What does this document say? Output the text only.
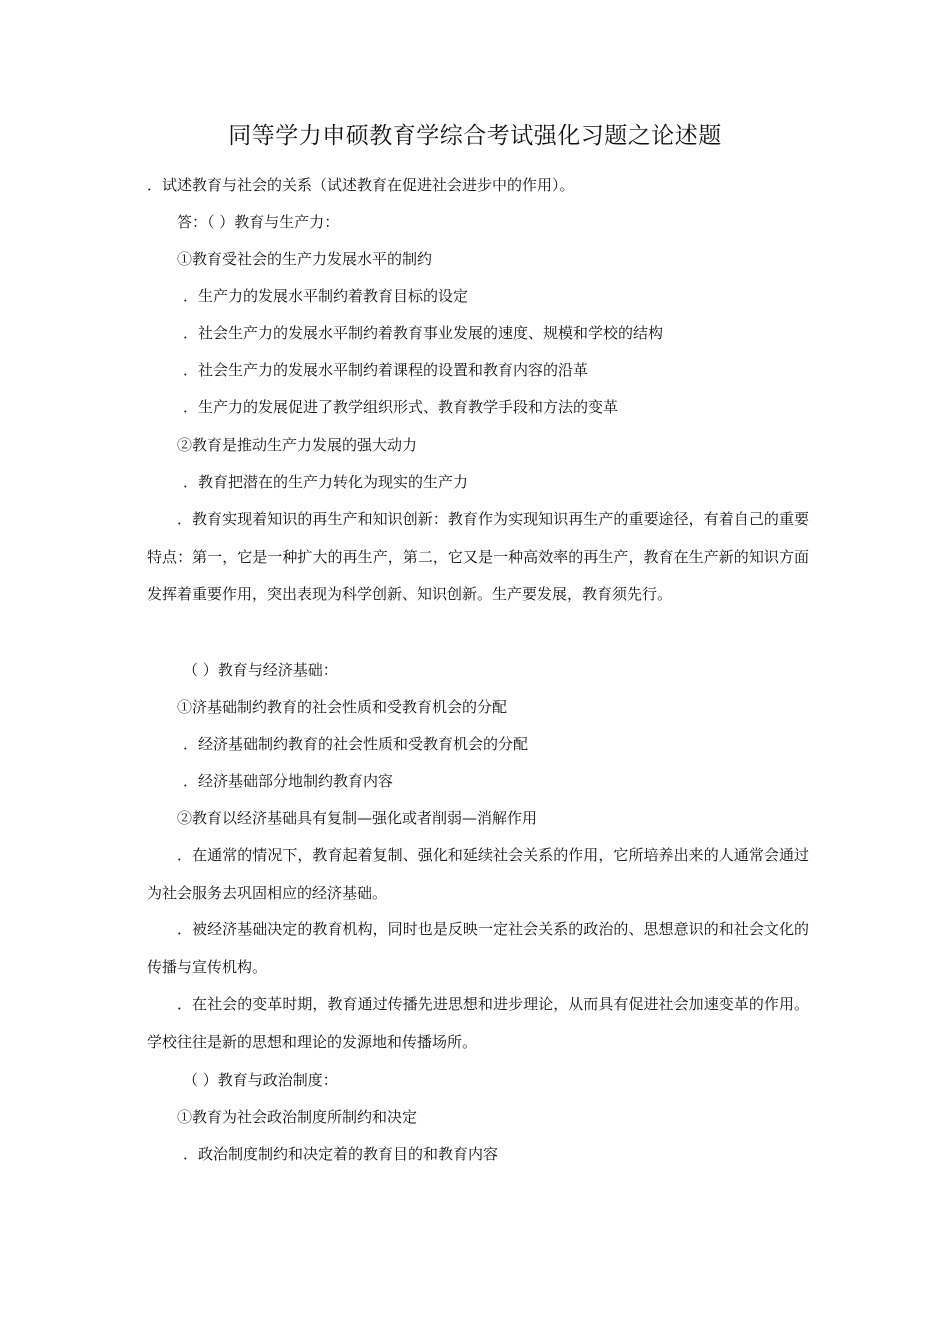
同等学力申硕教育学综合考试强化习题之论述题
．试述教育与社会的关系（试述教育在促进社会进步中的作用）。
答：（ ）教育与生产力：
①教育受社会的生产力发展水平的制约
．生产力的发展水平制约着教育目标的设定
．社会生产力的发展水平制约着教育事业发展的速度、规模和学校的结构
．社会生产力的发展水平制约着课程的设置和教育内容的沿革
．生产力的发展促进了教学组织形式、教育教学手段和方法的变革
②教育是推动生产力发展的强大动力
．教育把潜在的生产力转化为现实的生产力
．教育实现着知识的再生产和知识创新：教育作为实现知识再生产的重要途径，有着自己的重要特点：第一，它是一种扩大的再生产，第二，它又是一种高效率的再生产，教育在生产新的知识方面发挥着重要作用，突出表现为科学创新、知识创新。生产要发展，教育须先行。
（ ）教育与经济基础：
①济基础制约教育的社会性质和受教育机会的分配
．经济基础制约教育的社会性质和受教育机会的分配
．经济基础部分地制约教育内容
②教育以经济基础具有复制—强化或者削弱—消解作用
．在通常的情况下，教育起着复制、强化和延续社会关系的作用，它所培养出来的人通常会通过为社会服务去巩固相应的经济基础。
．被经济基础决定的教育机构，同时也是反映一定社会关系的政治的、思想意识的和社会文化的传播与宣传机构。
．在社会的变革时期，教育通过传播先进思想和进步理论，从而具有促进社会加速变革的作用。学校往往是新的思想和理论的发源地和传播场所。
（ ）教育与政治制度：
①教育为社会政治制度所制约和决定
．政治制度制约和决定着的教育目的和教育内容
